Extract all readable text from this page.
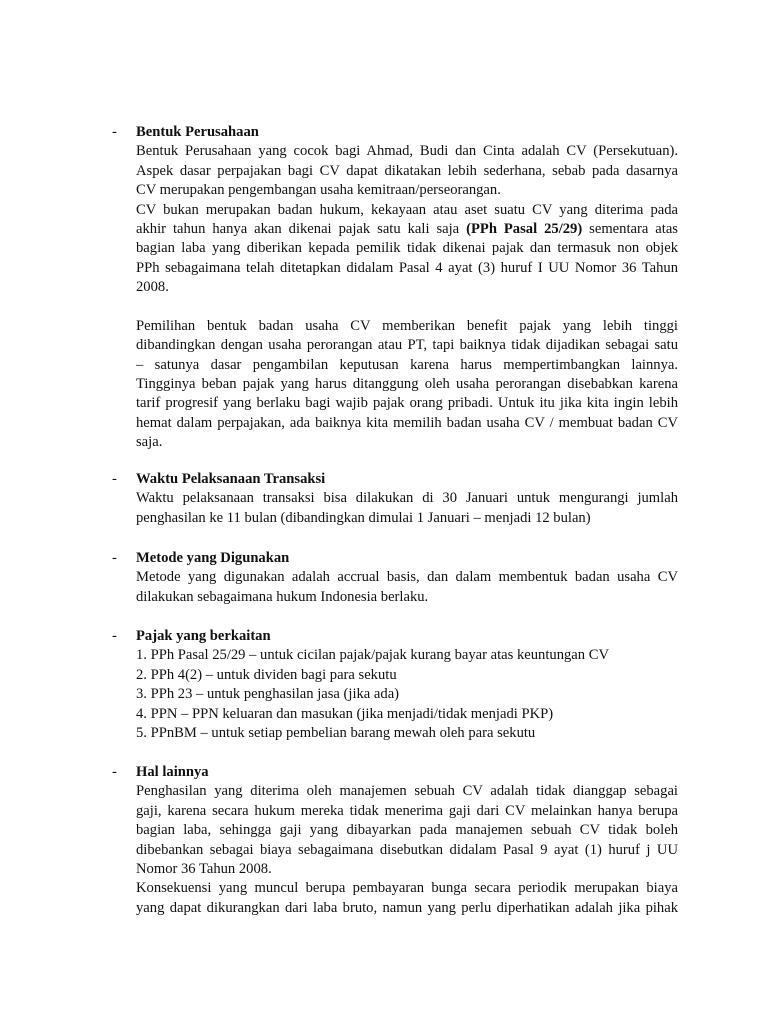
- Bentuk Perusahaan
Bentuk Perusahaan yang cocok bagi Ahmad, Budi dan Cinta adalah CV (Persekutuan).
Aspek dasar perpajakan bagi CV dapat dikatakan lebih sederhana, sebab pada dasarnya
CV merupakan pengembangan usaha kemitraan/perseorangan.
CV bukan merupakan badan hukum, kekayaan atau aset suatu CV yang diterima pada
akhir tahun hanya akan dikenai pajak satu kali saja (PPh Pasal 25/29) sementara atas
bagian laba yang diberikan kepada pemilik tidak dikenai pajak dan termasuk non objek
PPh sebagaimana telah ditetapkan didalam Pasal 4 ayat (3) huruf I UU Nomor 36 Tahun
2008.
Pemilihan bentuk badan usaha CV memberikan benefit pajak yang lebih tinggi
dibandingkan dengan usaha perorangan atau PT, tapi baiknya tidak dijadikan sebagai satu
– satunya dasar pengambilan keputusan karena harus mempertimbangkan lainnya.
Tingginya beban pajak yang harus ditanggung oleh usaha perorangan disebabkan karena
tarif progresif yang berlaku bagi wajib pajak orang pribadi. Untuk itu jika kita ingin lebih
hemat dalam perpajakan, ada baiknya kita memilih badan usaha CV / membuat badan CV
saja.
- Waktu Pelaksanaan Transaksi
Waktu pelaksanaan transaksi bisa dilakukan di 30 Januari untuk mengurangi jumlah
penghasilan ke 11 bulan (dibandingkan dimulai 1 Januari – menjadi 12 bulan)
- Metode yang Digunakan
Metode yang digunakan adalah accrual basis, dan dalam membentuk badan usaha CV
dilakukan sebagaimana hukum Indonesia berlaku.
- Pajak yang berkaitan
1. PPh Pasal 25/29 – untuk cicilan pajak/pajak kurang bayar atas keuntungan CV
2. PPh 4(2) – untuk dividen bagi para sekutu
3. PPh 23 – untuk penghasilan jasa (jika ada)
4. PPN – PPN keluaran dan masukan (jika menjadi/tidak menjadi PKP)
5. PPnBM – untuk setiap pembelian barang mewah oleh para sekutu
- Hal lainnya
Penghasilan yang diterima oleh manajemen sebuah CV adalah tidak dianggap sebagai
gaji, karena secara hukum mereka tidak menerima gaji dari CV melainkan hanya berupa
bagian laba, sehingga gaji yang dibayarkan pada manajemen sebuah CV tidak boleh
dibebankan sebagai biaya sebagaimana disebutkan didalam Pasal 9 ayat (1) huruf j UU
Nomor 36 Tahun 2008.
Konsekuensi yang muncul berupa pembayaran bunga secara periodik merupakan biaya
yang dapat dikurangkan dari laba bruto, namun yang perlu diperhatikan adalah jika pihak
